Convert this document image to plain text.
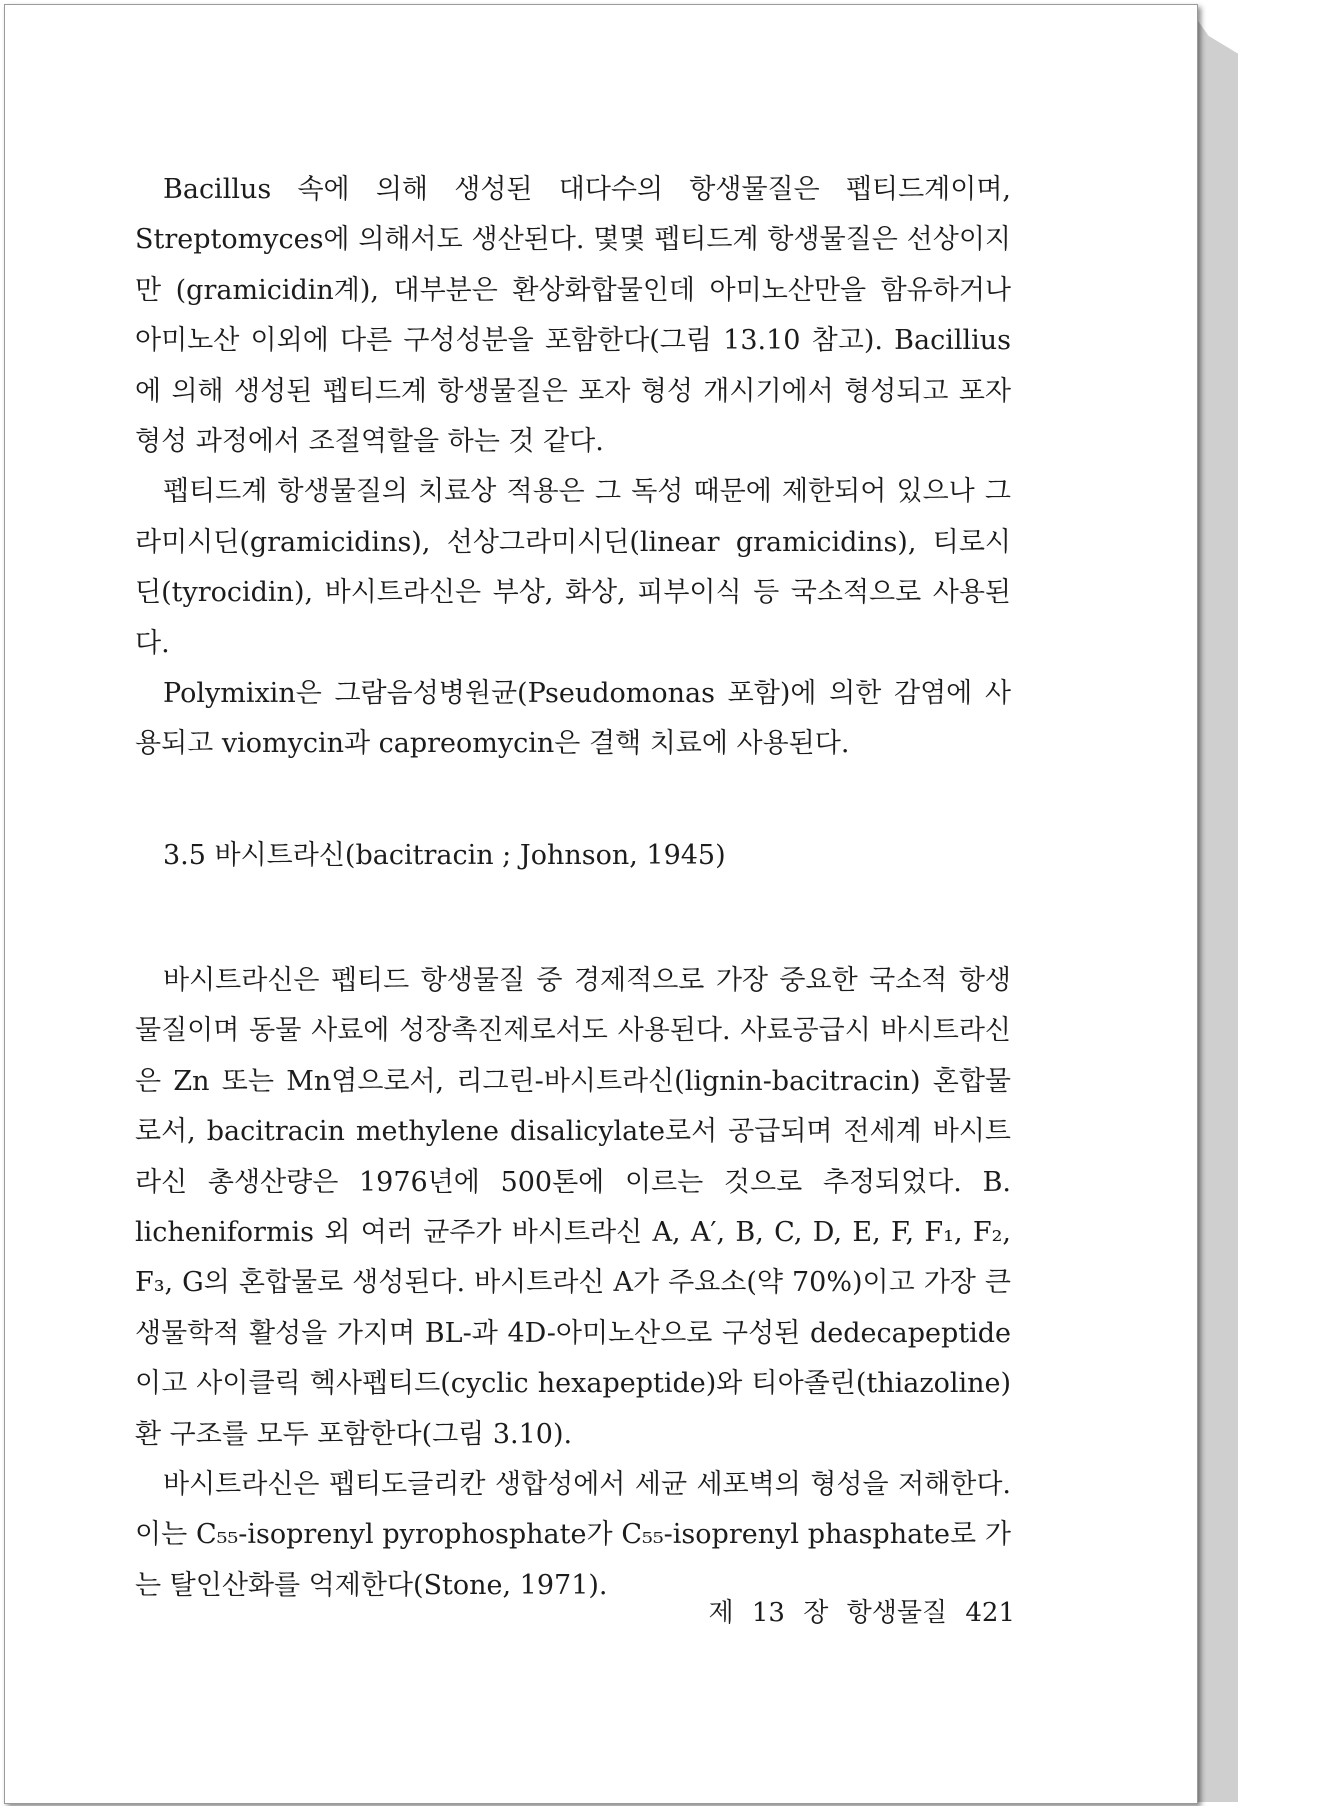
Bacillus 속에 의해 생성된 대다수의 항생물질은 펩티드계이며, Streptomyces에 의해서도 생산된다. 몇몇 펩티드계 항생물질은 선상이지만 (gramicidin계), 대부분은 환상화합물인데 아미노산만을 함유하거나 아미노산 이외에 다른 구성성분을 포함한다(그림 13.10 참고). Bacillius에 의해 생성된 펩티드계 항생물질은 포자 형성 개시기에서 형성되고 포자 형성 과정에서 조절역할을 하는 것 같다.

펩티드계 항생물질의 치료상 적용은 그 독성 때문에 제한되어 있으나 그라미시딘(gramicidins), 선상그라미시딘(linear gramicidins), 티로시딘(tyrocidin), 바시트라신은 부상, 화상, 피부이식 등 국소적으로 사용된다.

Polymixin은 그람음성병원균(Pseudomonas 포함)에 의한 감염에 사용되고 viomycin과 capreomycin은 결핵 치료에 사용된다.

3.5 바시트라신(bacitracin ; Johnson, 1945)

바시트라신은 펩티드 항생물질 중 경제적으로 가장 중요한 국소적 항생물질이며 동물 사료에 성장촉진제로서도 사용된다. 사료공급시 바시트라신은 Zn 또는 Mn염으로서, 리그린-바시트라신(lignin-bacitracin) 혼합물로서, bacitracin methylene disalicylate로서 공급되며 전세계 바시트라신 총생산량은 1976년에 500톤에 이르는 것으로 추정되었다. B. licheniformis 외 여러 균주가 바시트라신 A, A′, B, C, D, E, F, F₁, F₂, F₃, G의 혼합물로 생성된다. 바시트라신 A가 주요소(약 70%)이고 가장 큰 생물학적 활성을 가지며 BL-과 4D-아미노산으로 구성된 dedecapeptide이고 사이클릭 헥사펩티드(cyclic hexapeptide)와 티아졸린(thiazoline)환 구조를 모두 포함한다(그림 3.10).

바시트라신은 펩티도글리칸 생합성에서 세균 세포벽의 형성을 저해한다. 이는 C₅₅-isoprenyl pyrophosphate가 C₅₅-isoprenyl phasphate로 가는 탈인산화를 억제한다(Stone, 1971).

제 13 장 항생물질 421
